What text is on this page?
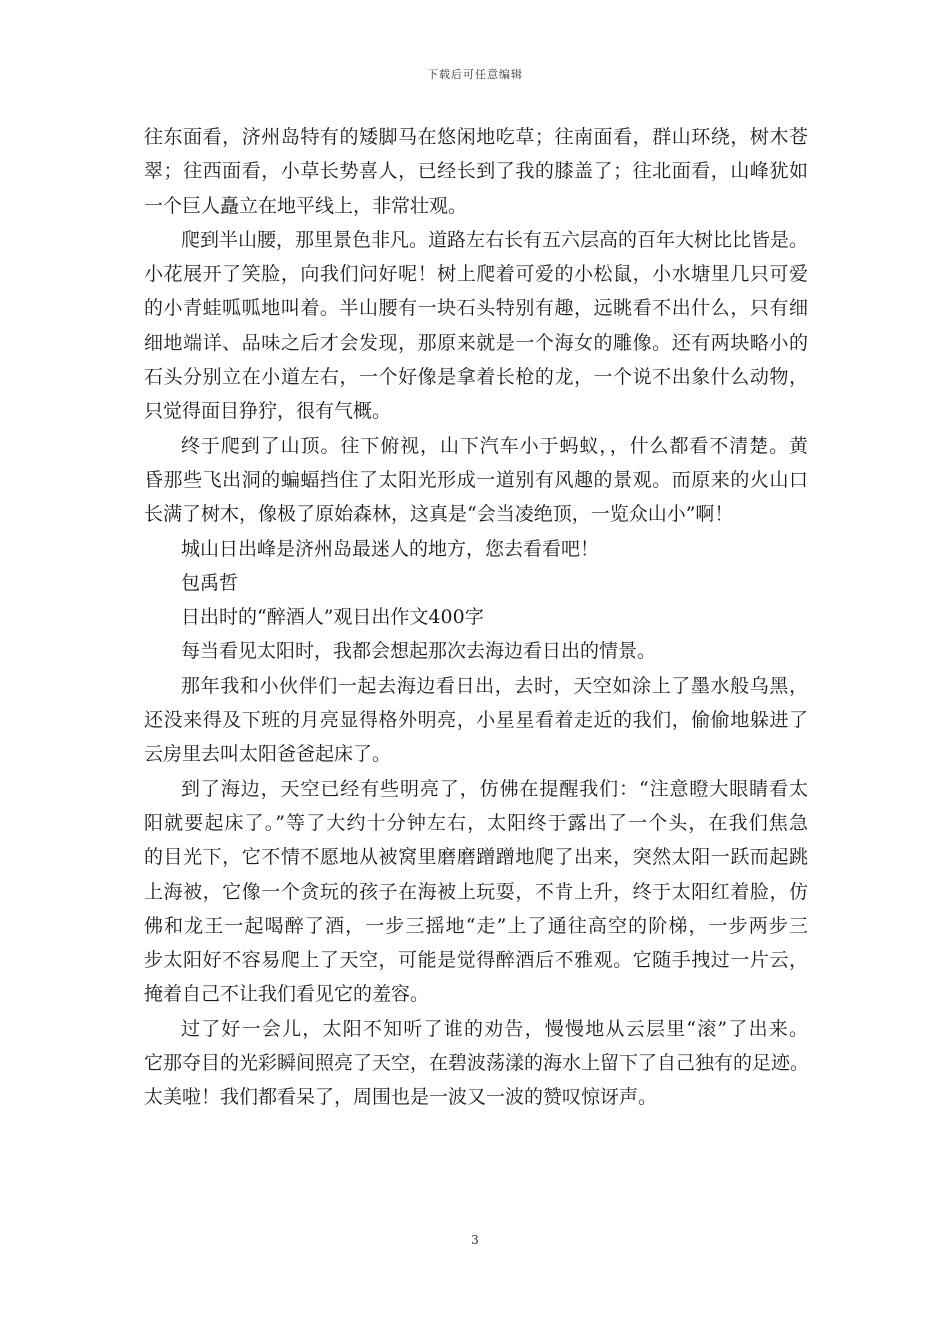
下载后可任意编辑
往东面看，济州岛特有的矮脚马在悠闲地吃草；往南面看，群山环绕，树木苍
翠；往西面看，小草长势喜人，已经长到了我的膝盖了；往北面看，山峰犹如
一个巨人矗立在地平线上，非常壮观。
爬到半山腰，那里景色非凡。道路左右长有五六层高的百年大树比比皆是。
小花展开了笑脸，向我们问好呢！树上爬着可爱的小松鼠，小水塘里几只可爱
的小青蛙呱呱地叫着。半山腰有一块石头特别有趣，远眺看不出什么，只有细
细地端详、品味之后才会发现，那原来就是一个海女的雕像。还有两块略小的
石头分别立在小道左右，一个好像是拿着长枪的龙，一个说不出象什么动物，
只觉得面目狰狞，很有气概。
终于爬到了山顶。往下俯视，山下汽车小于蚂蚁，，什么都看不清楚。黄
昏那些飞出洞的蝙蝠挡住了太阳光形成一道别有风趣的景观。而原来的火山口
长满了树木，像极了原始森林，这真是“会当凌绝顶，一览众山小”啊！
城山日出峰是济州岛最迷人的地方，您去看看吧！
包禹哲
日出时的“醉酒人”观日出作文400字
每当看见太阳时，我都会想起那次去海边看日出的情景。
那年我和小伙伴们一起去海边看日出，去时，天空如涂上了墨水般乌黑，
还没来得及下班的月亮显得格外明亮，小星星看着走近的我们，偷偷地躲进了
云房里去叫太阳爸爸起床了。
到了海边，天空已经有些明亮了，仿佛在提醒我们：“注意瞪大眼睛看太
阳就要起床了。”等了大约十分钟左右，太阳终于露出了一个头，在我们焦急
的目光下，它不情不愿地从被窝里磨磨蹭蹭地爬了出来，突然太阳一跃而起跳
上海被，它像一个贪玩的孩子在海被上玩耍，不肯上升，终于太阳红着脸，仿
佛和龙王一起喝醉了酒，一步三摇地“走”上了通往高空的阶梯，一步两步三
步太阳好不容易爬上了天空，可能是觉得醉酒后不雅观。它随手拽过一片云，
掩着自己不让我们看见它的羞容。
过了好一会儿，太阳不知听了谁的劝告，慢慢地从云层里“滚”了出来。
它那夺目的光彩瞬间照亮了天空，在碧波荡漾的海水上留下了自己独有的足迹。
太美啦！我们都看呆了，周围也是一波又一波的赞叹惊讶声。
3
